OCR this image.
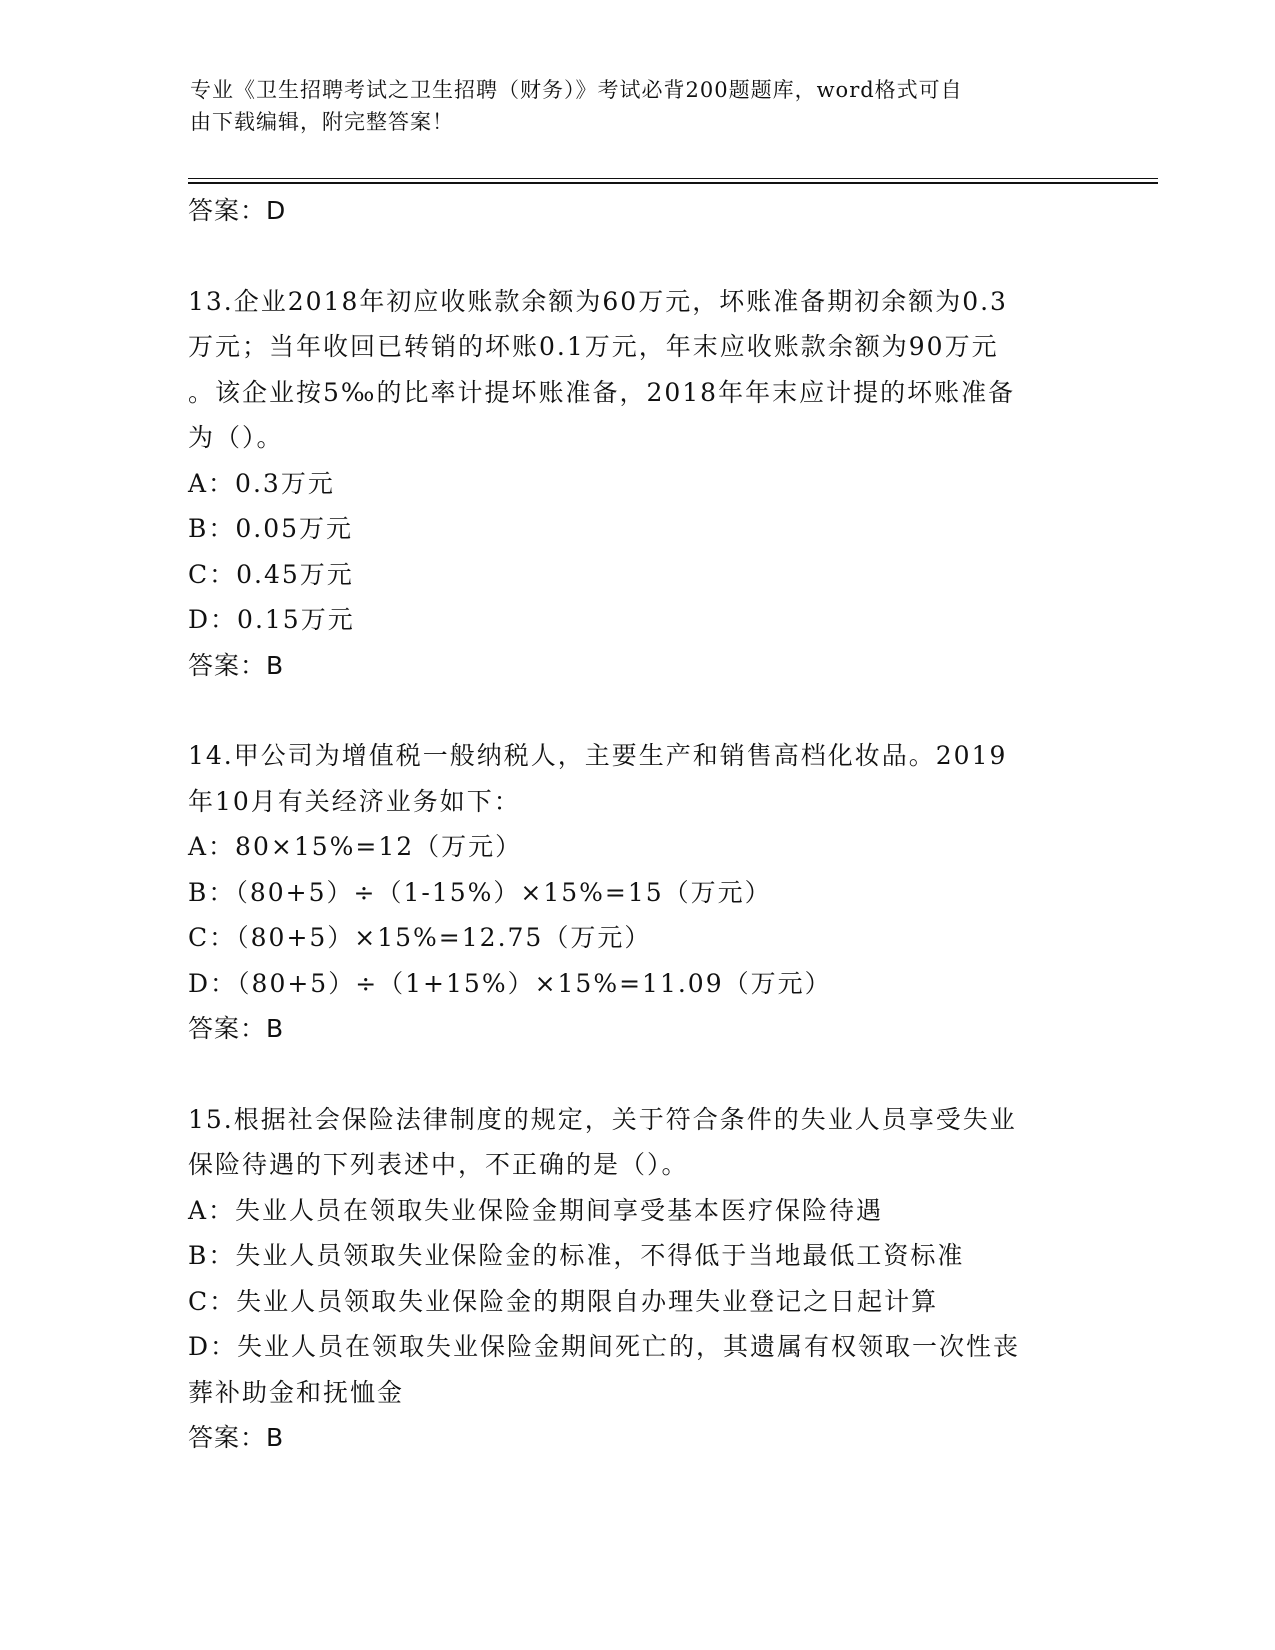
专业《卫生招聘考试之卫生招聘（财务）》考试必背200题题库，word格式可自
由下载编辑，附完整答案！
答案：D
13.企业2018年初应收账款余额为60万元，坏账准备期初余额为0.3
万元；当年收回已转销的坏账0.1万元，年末应收账款余额为90万元
。该企业按5‰的比率计提坏账准备，2018年年末应计提的坏账准备
为（）。
A：0.3万元
B：0.05万元
C：0.45万元
D：0.15万元
答案：B
14.甲公司为增值税一般纳税人，主要生产和销售高档化妆品。2019
年10月有关经济业务如下：
A：80×15%=12（万元）
B：（80+5）÷（1-15%）×15%=15（万元）
C：（80+5）×15%=12.75（万元）
D：（80+5）÷（1+15%）×15%=11.09（万元）
答案：B
15.根据社会保险法律制度的规定，关于符合条件的失业人员享受失业
保险待遇的下列表述中，不正确的是（）。
A：失业人员在领取失业保险金期间享受基本医疗保险待遇
B：失业人员领取失业保险金的标准，不得低于当地最低工资标准
C：失业人员领取失业保险金的期限自办理失业登记之日起计算
D：失业人员在领取失业保险金期间死亡的，其遗属有权领取一次性丧
葬补助金和抚恤金
答案：B
